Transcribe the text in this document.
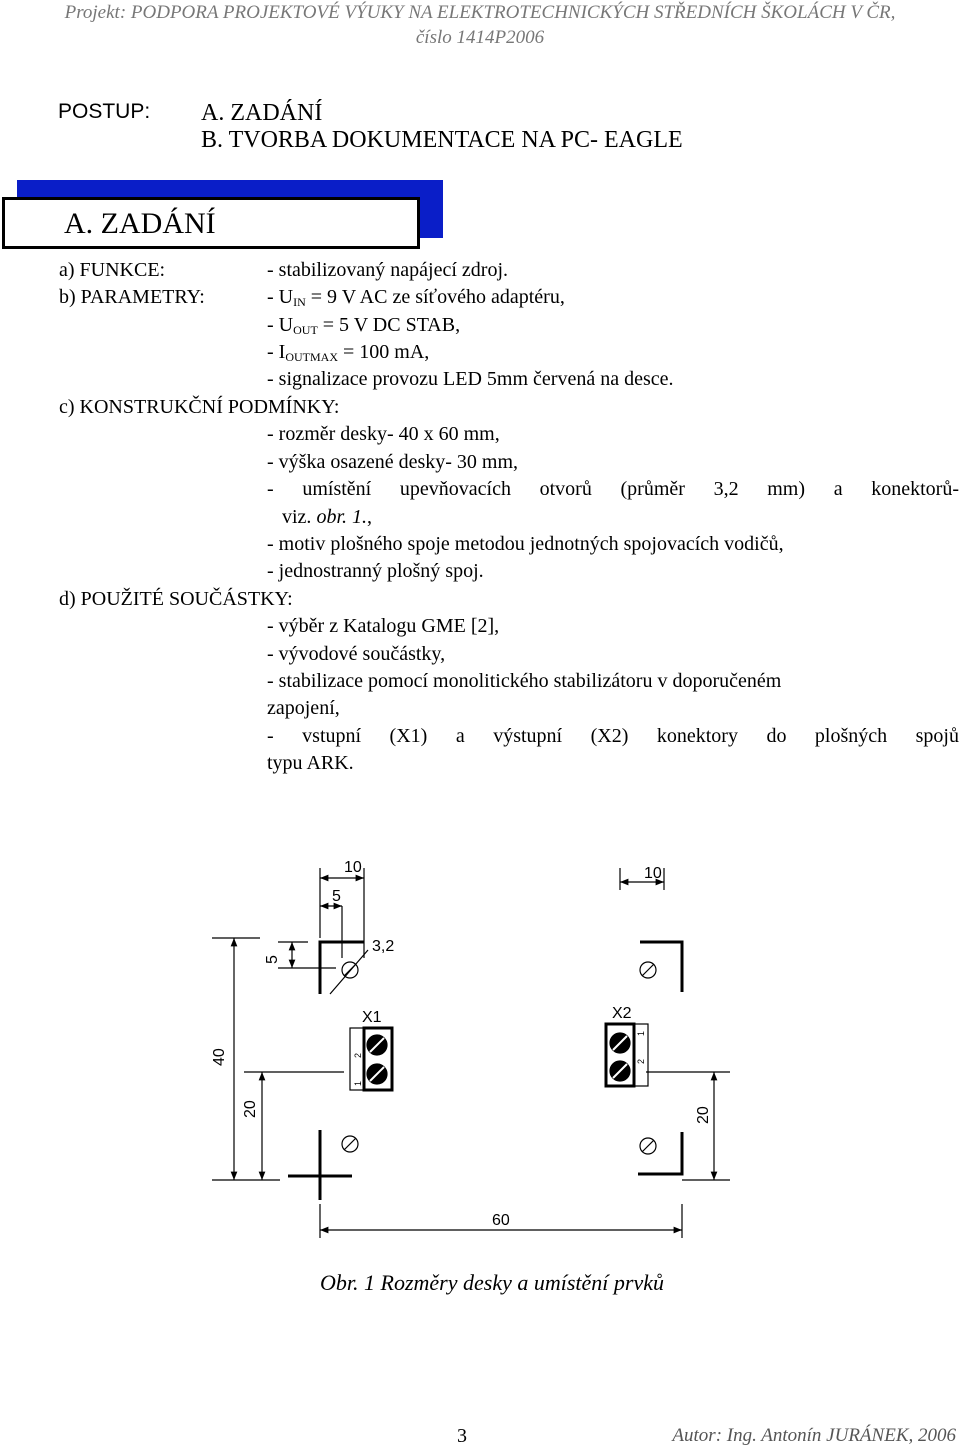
Projekt: PODPORA PROJEKTOVÉ VÝUKY NA ELEKTROTECHNICKÝCH STŘEDNÍCH ŠKOLÁCH V ČR,
číslo 1414P2006
POSTUP: A. ZADÁNÍ
B. TVORBA DOKUMENTACE NA PC- EAGLE
A. ZADÁNÍ
a) FUNKCE:	- stabilizovaný napájecí zdroj.
b) PARAMETRY:	- $U_{IN} = 9$ V AC ze síťového adaptéru,
- $U_{OUT} = 5$ V DC STAB,
- $I_{OUTMAX} = 100$ mA,
- signalizace provozu LED 5mm červená na desce.
c) KONSTRUKČNÍ PODMÍNKY:
- rozměr desky- 40 x 60 mm,
- výška osazené desky- 30 mm,
- umístění upevňovacích otvorů (průměr 3,2 mm) a konektorů-
viz. obr. 1.,
- motiv plošného spoje metodou jednotných spojovacích vodičů,
- jednostranný plošný spoj.
d) POUŽITÉ SOUČÁSTKY:
- výběr z Katalogu GME [2],
- vývodové součástky,
- stabilizace pomocí monolitického stabilizátoru v doporučeném
zapojení,
- vstupní (X1) a výstupní (X2) konektory do plošných spojů
typu ARK.
10
5
10
3,2
5
40
20	20
60
X1	X2
1
2
1
2
Obr. 1 Rozměry desky a umístění prvků
3	Autor: Ing. Antonín JURÁNEK, 2006
